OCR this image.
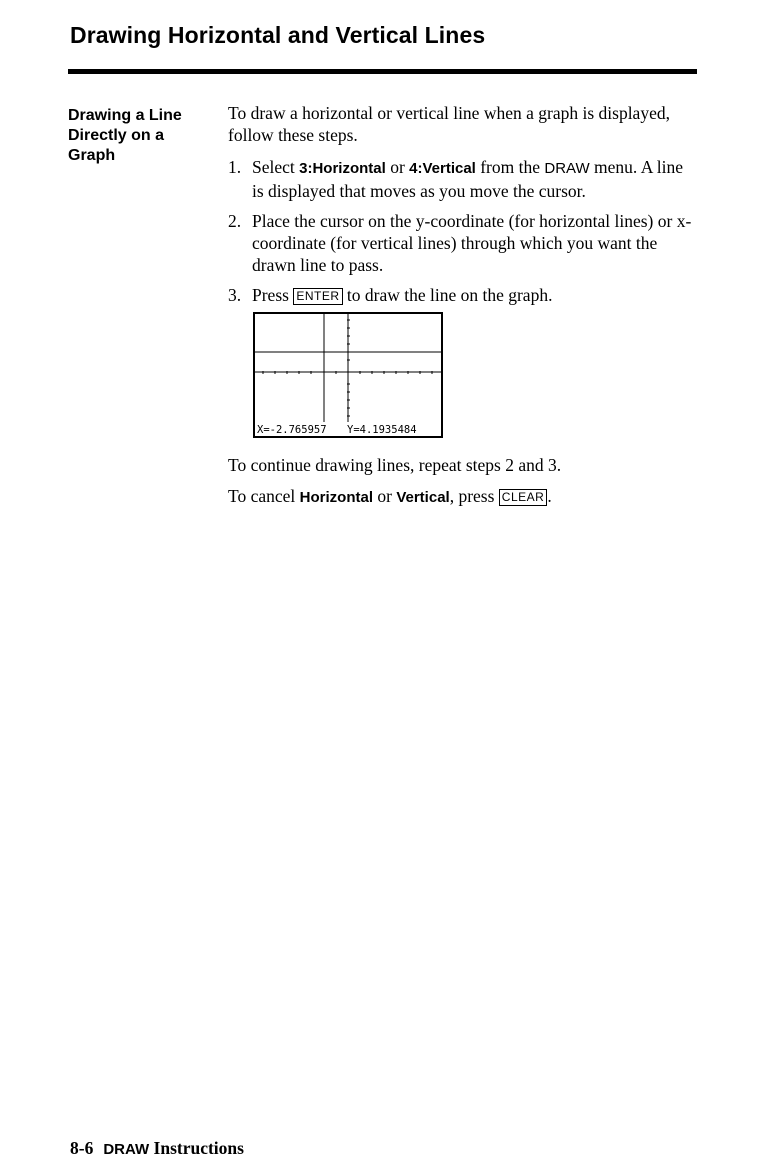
Drawing Horizontal and Vertical Lines
Drawing a Line Directly on a Graph

To draw a horizontal or vertical line when a graph is displayed, follow these steps.

1. Select 3:Horizontal or 4:Vertical from the DRAW menu. A line is displayed that moves as you move the cursor.
2. Place the cursor on the y-coordinate (for horizontal lines) or x-coordinate (for vertical lines) through which you want the drawn line to pass.
3. Press ENTER to draw the line on the graph.
X=-2.765957 Y=4.1935484
To continue drawing lines, repeat steps 2 and 3.
To cancel Horizontal or Vertical, press CLEAR .
8-6 DRAW Instructions
